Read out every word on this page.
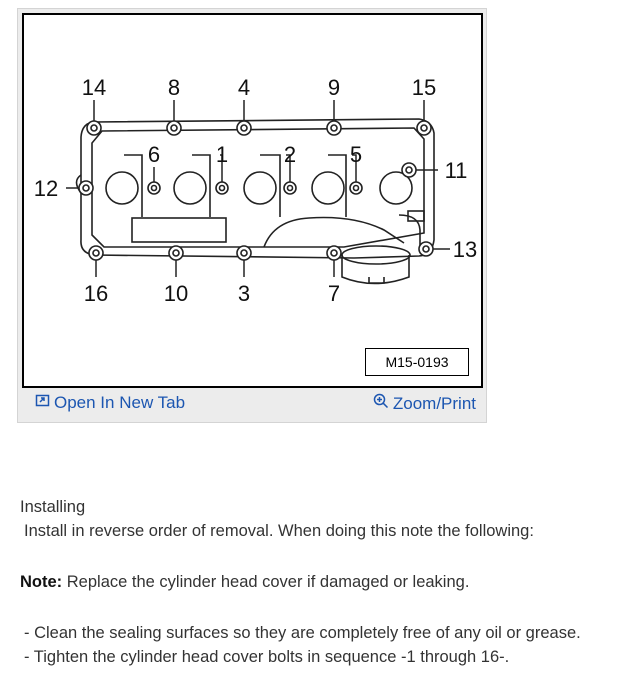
14	8	4	9	15
6	1	2 5
12
11
13
16	10 3	7
M15-0193
Open In New Tab	Zoom/Print
Installing
Install in reverse order of removal. When doing this note the following:
Note: Replace the cylinder head cover if damaged or leaking.
- Clean the sealing surfaces so they are completely free of any oil or grease.
- Tighten the cylinder head cover bolts in sequence -1 through 16-.
